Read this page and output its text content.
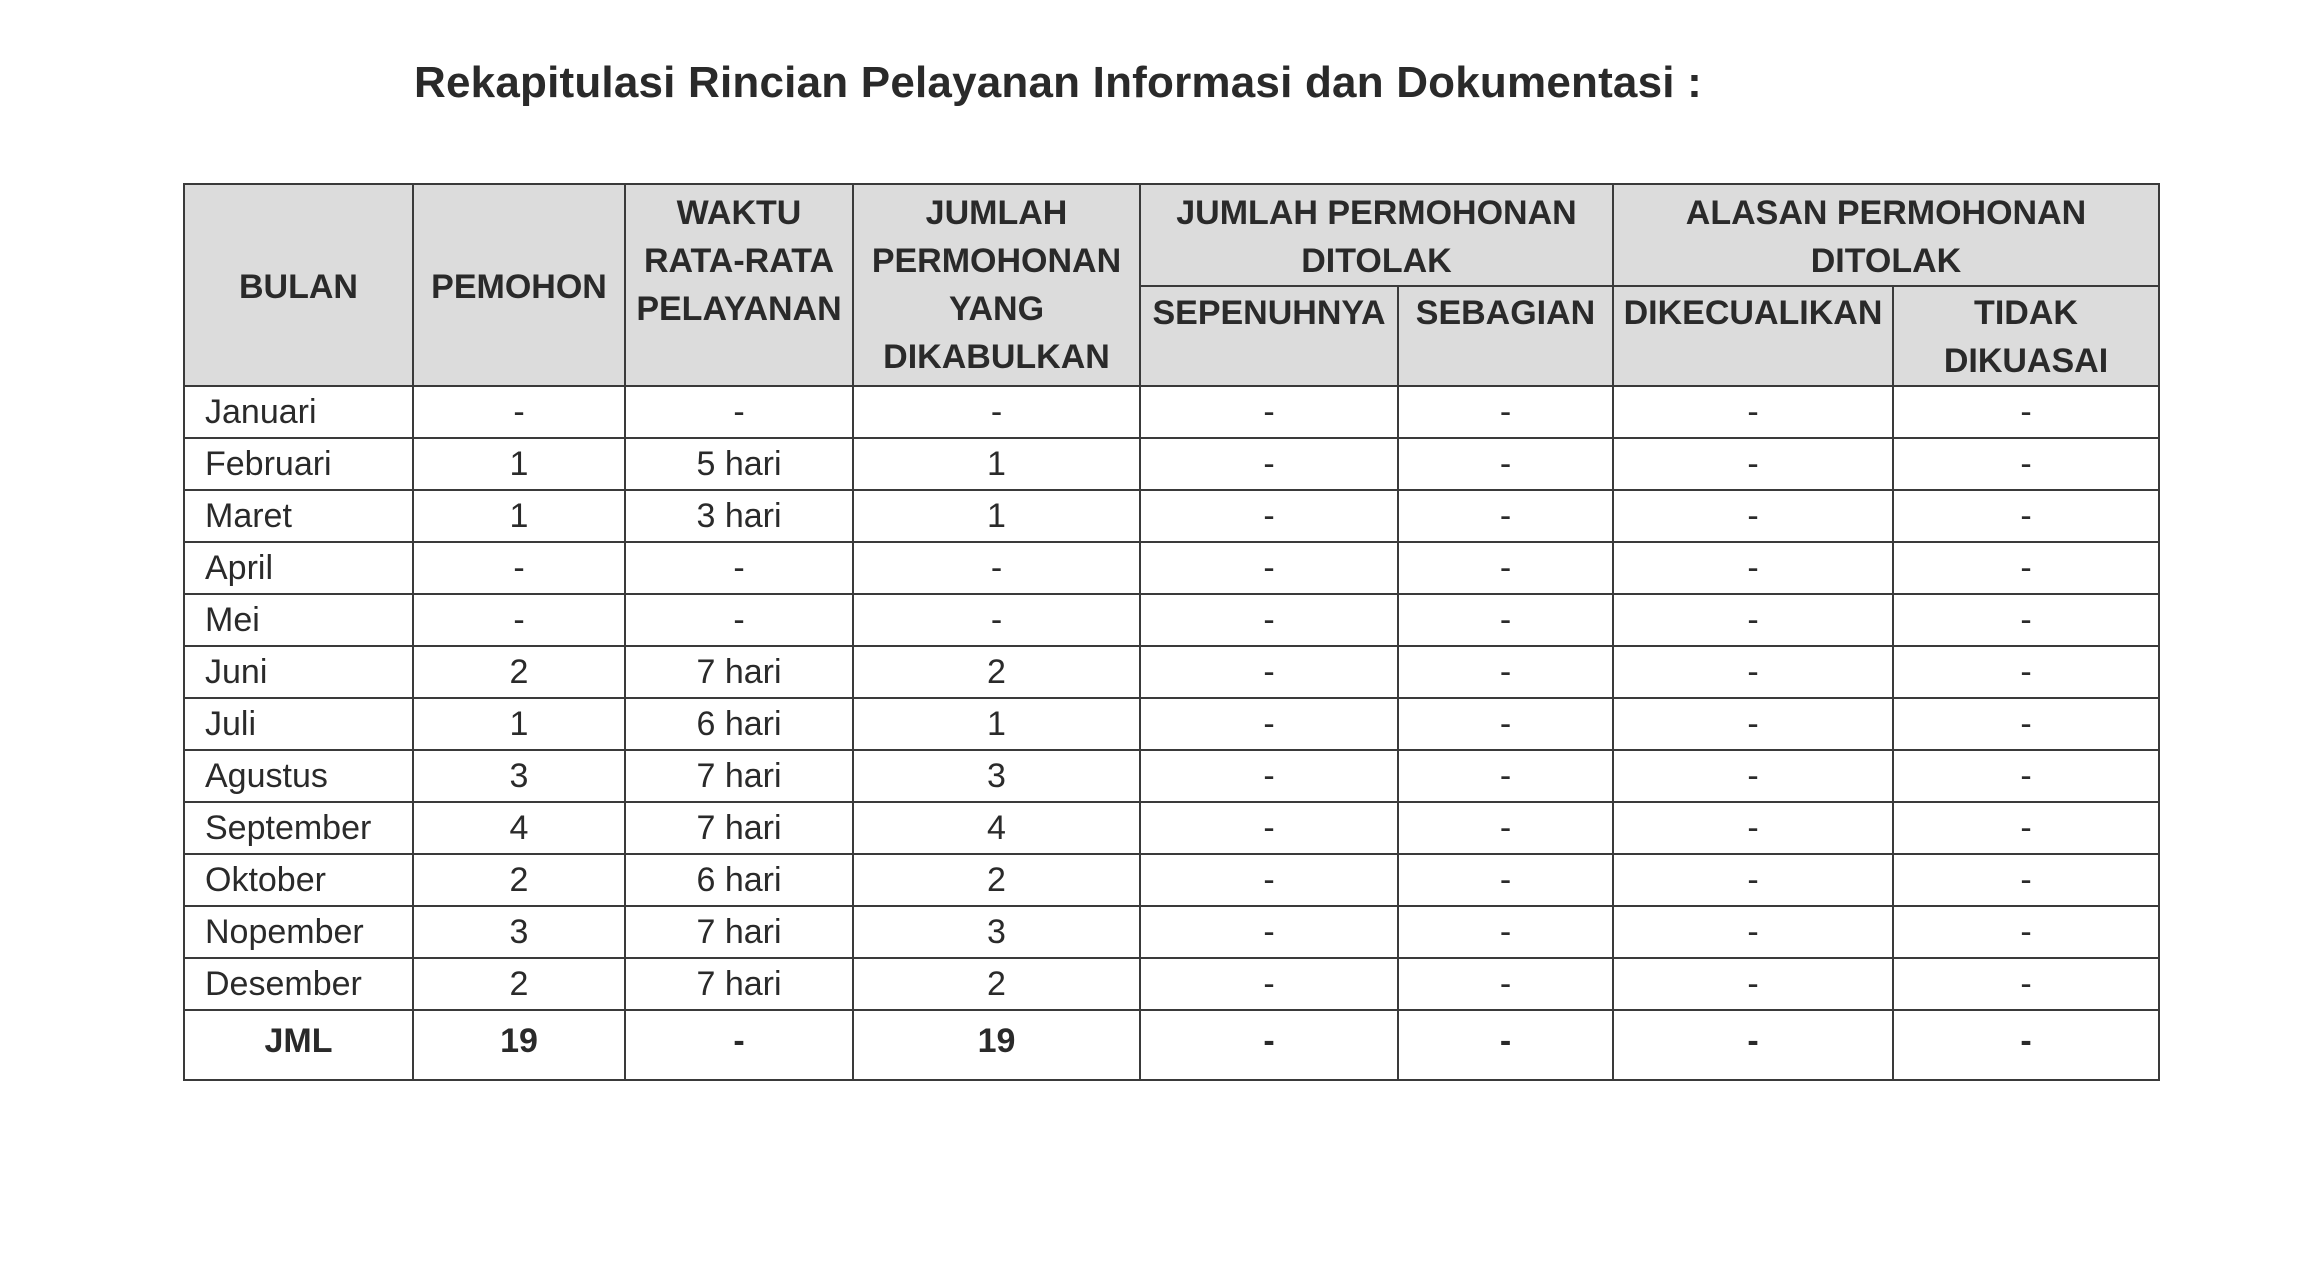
Rekapitulasi Rincian Pelayanan Informasi dan Dokumentasi :
BULAN	PEMOHON	WAKTU RATA-RATA PELAYANAN	JUMLAH PERMOHONAN YANG DIKABULKAN	JUMLAH PERMOHONAN DITOLAK		ALASAN PERMOHONAN DITOLAK	
				SEPENUHNYA	SEBAGIAN	DIKECUALIKAN	TIDAK DIKUASAI
Januari	-	-	-	-	-	-	-
Februari	1	5 hari	1	-	-	-	-
Maret	1	3 hari	1	-	-	-	-
April	-	-	-	-	-	-	-
Mei	-	-	-	-	-	-	-
Juni	2	7 hari	2	-	-	-	-
Juli	1	6 hari	1	-	-	-	-
Agustus	3	7 hari	3	-	-	-	-
September	4	7 hari	4	-	-	-	-
Oktober	2	6 hari	2	-	-	-	-
Nopember	3	7 hari	3	-	-	-	-
Desember	2	7 hari	2	-	-	-	-
JML	19	-	19	-	-	-	-
